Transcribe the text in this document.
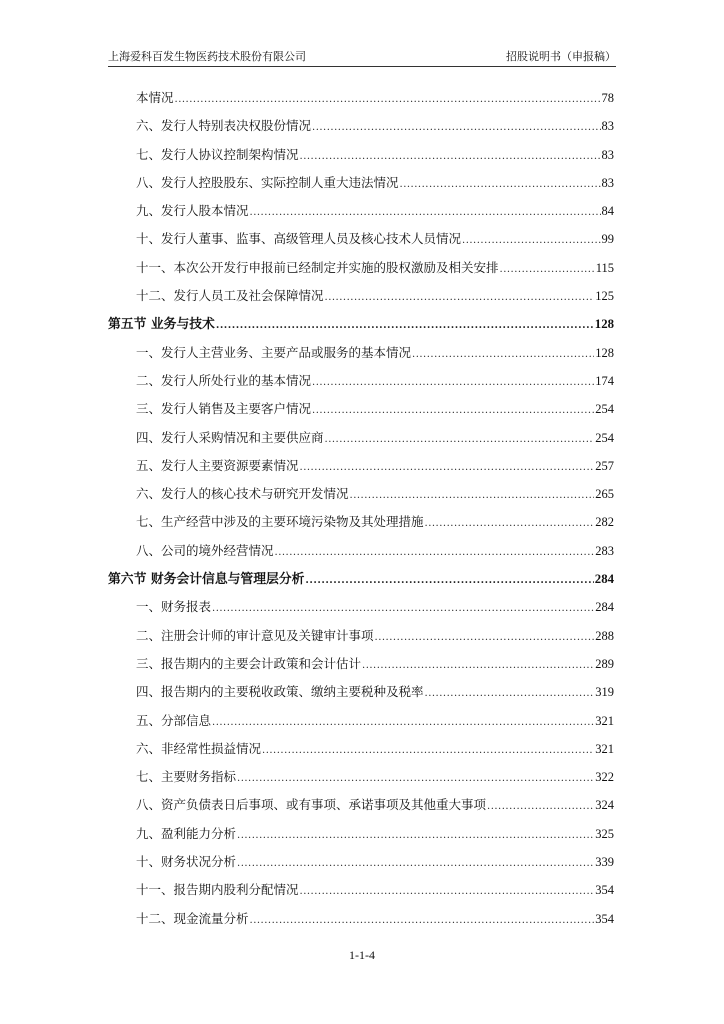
上海爱科百发生物医药技术股份有限公司	招股说明书（申报稿）
本情况 .....	78
六、发行人特别表决权股份情况 .....	83
七、发行人协议控制架构情况 .....	83
八、发行人控股股东、实际控制人重大违法情况 .....	83
九、发行人股本情况 .....	84
十、发行人董事、监事、高级管理人员及核心技术人员情况 .....	99
十一、本次公开发行申报前已经制定并实施的股权激励及相关安排 .....	115
十二、发行人员工及社会保障情况 .....	125
第五节 业务与技术 .....	128
一、发行人主营业务、主要产品或服务的基本情况 .....	128
二、发行人所处行业的基本情况 .....	174
三、发行人销售及主要客户情况 .....	254
四、发行人采购情况和主要供应商 .....	254
五、发行人主要资源要素情况 .....	257
六、发行人的核心技术与研究开发情况 .....	265
七、生产经营中涉及的主要环境污染物及其处理措施 .....	282
八、公司的境外经营情况 .....	283
第六节 财务会计信息与管理层分析 .....	284
一、财务报表 .....	284
二、注册会计师的审计意见及关键审计事项 .....	288
三、报告期内的主要会计政策和会计估计 .....	289
四、报告期内的主要税收政策、缴纳主要税种及税率 .....	319
五、分部信息 .....	321
六、非经常性损益情况 .....	321
七、主要财务指标 .....	322
八、资产负债表日后事项、或有事项、承诺事项及其他重大事项 .....	324
九、盈利能力分析 .....	325
十、财务状况分析 .....	339
十一、报告期内股利分配情况 .....	354
十二、现金流量分析 .....	354
1-1-4
